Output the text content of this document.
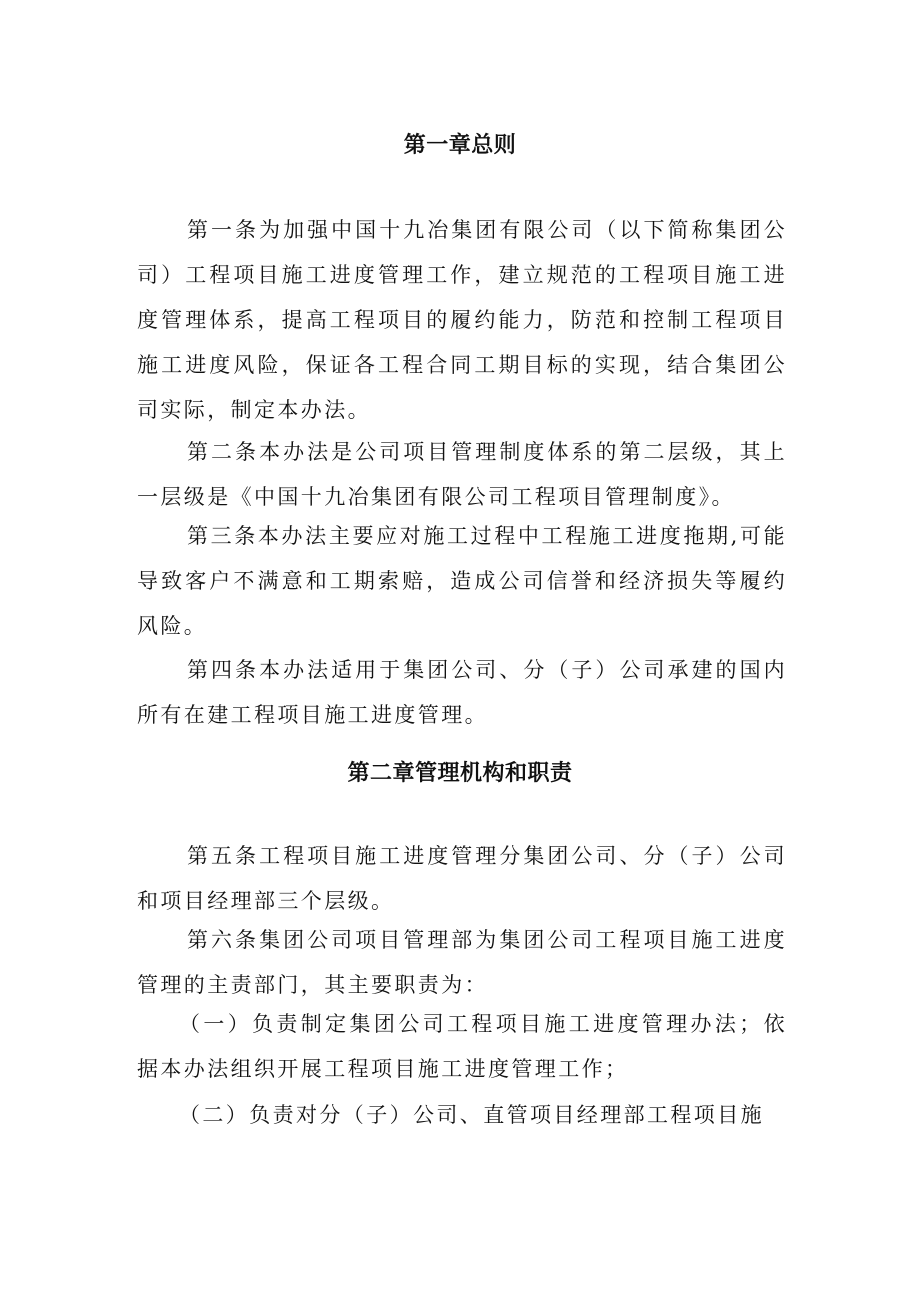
第一章总则

第一条为加强中国十九冶集团有限公司（以下简称集团公司）工程项目施工进度管理工作，建立规范的工程项目施工进度管理体系，提高工程项目的履约能力，防范和控制工程项目施工进度风险，保证各工程合同工期目标的实现，结合集团公司实际，制定本办法。

第二条本办法是公司项目管理制度体系的第二层级，其上一层级是《中国十九冶集团有限公司工程项目管理制度》。

第三条本办法主要应对施工过程中工程施工进度拖期,可能导致客户不满意和工期索赔，造成公司信誉和经济损失等履约风险。

第四条本办法适用于集团公司、分（子）公司承建的国内所有在建工程项目施工进度管理。

第二章管理机构和职责

第五条工程项目施工进度管理分集团公司、分（子）公司和项目经理部三个层级。

第六条集团公司项目管理部为集团公司工程项目施工进度管理的主责部门，其主要职责为：

（一）负责制定集团公司工程项目施工进度管理办法；依据本办法组织开展工程项目施工进度管理工作；

（二）负责对分（子）公司、直管项目经理部工程项目施
